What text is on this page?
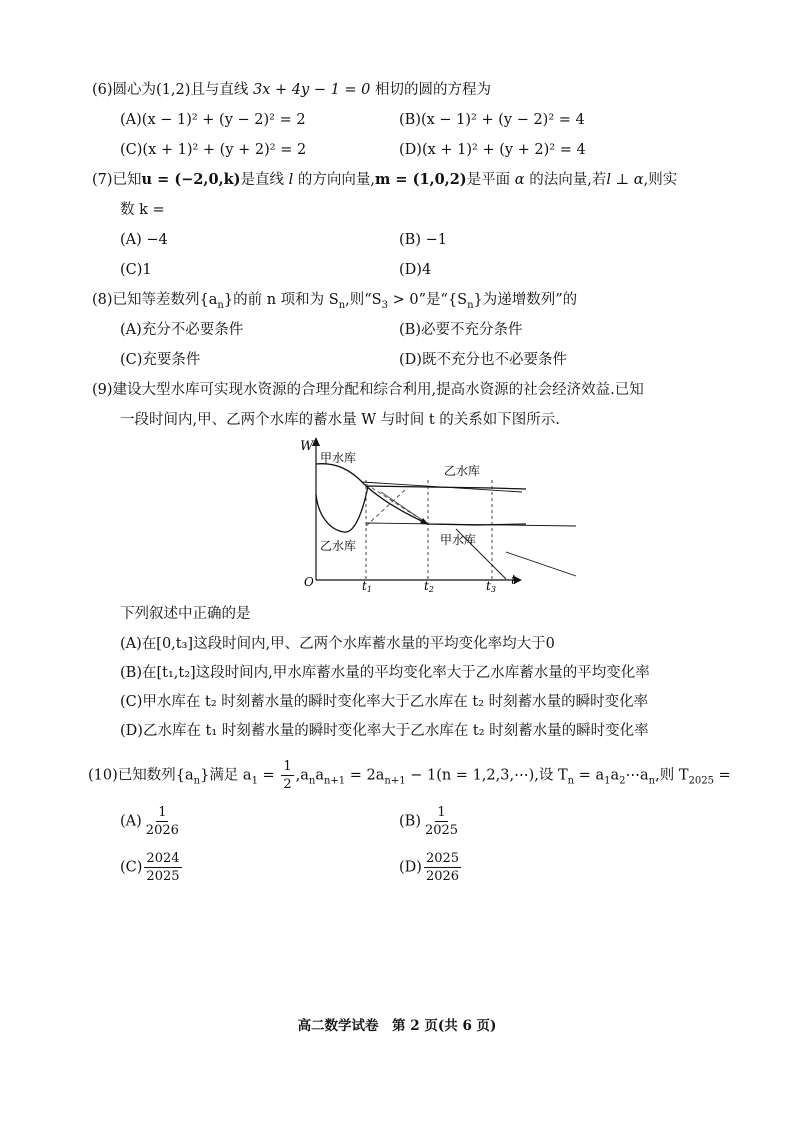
(6)圆心为(1,2)且与直线 3x + 4y − 1 = 0 相切的圆的方程为
(A)(x − 1)² + (y − 2)² = 2	(B)(x − 1)² + (y − 2)² = 4
(C)(x + 1)² + (y + 2)² = 2	(D)(x + 1)² + (y + 2)² = 4
(7)已知u = (−2,0,k)是直线 l 的方向向量,m = (1,0,2)是平面 α 的法向量,若l ⊥ α,则实
数 k =
(A) −4	(B) −1
(C)1	(D)4
(8)已知等差数列$\{a_n\}$的前 n 项和为 $S_n$,则“$S_3 > 0$”是“$\{S_n\}$为递增数列”的
(A)充分不必要条件	(B)必要不充分条件
(C)充要条件	(D)既不充分也不必要条件
(9)建设大型水库可实现水资源的合理分配和综合利用,提高水资源的社会经济效益.已知
一段时间内,甲、乙两个水库的蓄水量 W 与时间 t 的关系如下图所示.
W
t
O
甲水库
乙水库
乙水库
甲水库
t1	t2	t3
下列叙述中正确的是
(A)在[0,t₃]这段时间内,甲、乙两个水库蓄水量的平均变化率均大于0
(B)在[t₁,t₂]这段时间内,甲水库蓄水量的平均变化率大于乙水库蓄水量的平均变化率
(C)甲水库在 t₂ 时刻蓄水量的瞬时变化率大于乙水库在 t₂ 时刻蓄水量的瞬时变化率
(D)乙水库在 t₁ 时刻蓄水量的瞬时变化率大于乙水库在 t₂ 时刻蓄水量的瞬时变化率
(10)已知数列$\{a_n\}$满足 $a_1 = \frac{1}{2} ,a_na_{n+1} = 2a_{n+1} - 1(n$ = 1,2,3,⋯),设 $T_n$ = $a_1a_2\cdots a_n$,则 $T_{2025}$ =
$(A) \frac{1}{2026}$	$(B) \frac{1}{2025}$
$(C) \frac{2024}{2025}$	$(D) \frac{2025}{2026}$
高二数学试卷　第 2 页(共 6 页)
